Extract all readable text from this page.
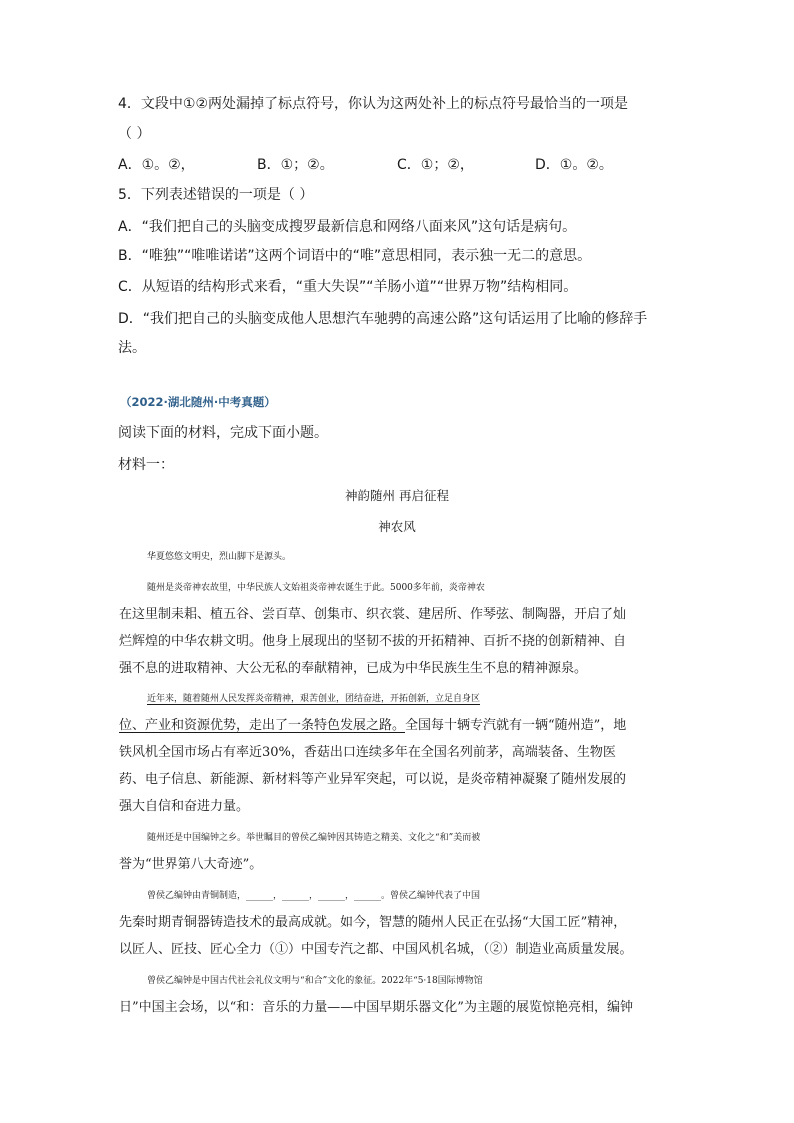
4．文段中①②两处漏掉了标点符号，你认为这两处补上的标点符号最恰当的一项是
（ ）
A．①。②，	B．①；②。	C．①；②，	D．①。②。
5．下列表述错误的一项是（ ）
A．“我们把自己的头脑变成搜罗最新信息和网络八面来风”这句话是病句。
B．“唯独”“唯唯诺诺”这两个词语中的“唯”意思相同，表示独一无二的意思。
C．从短语的结构形式来看，“重大失误”“羊肠小道”“世界万物”结构相同。
D．“我们把自己的头脑变成他人思想汽车驰骋的高速公路”这句话运用了比喻的修辞手
法。
（2022·湖北随州·中考真题）
阅读下面的材料，完成下面小题。
材料一：
神韵随州 再启征程
神农风
华夏悠悠文明史，烈山脚下是源头。
随州是炎帝神农故里，中华民族人文始祖炎帝神农诞生于此。5000多年前，炎帝神农
在这里制耒耜、植五谷、尝百草、创集市、织衣裳、建居所、作琴弦、制陶器，开启了灿
烂辉煌的中华农耕文明。他身上展现出的坚韧不拔的开拓精神、百折不挠的创新精神、自
强不息的进取精神、大公无私的奉献精神，已成为中华民族生生不息的精神源泉。
近年来，随着随州人民发挥炎帝精神，艰苦创业，团结奋进，开拓创新，立足自身区
位、产业和资源优势，走出了一条特色发展之路。全国每十辆专汽就有一辆“随州造”，地
铁风机全国市场占有率近30%，香菇出口连续多年在全国名列前茅，高端装备、生物医
药、电子信息、新能源、新材料等产业异军突起，可以说，是炎帝精神凝聚了随州发展的
强大自信和奋进力量。
随州还是中国编钟之乡。举世瞩目的曾侯乙编钟因其铸造之精美、文化之“和”美而被
誉为“世界第八大奇迹”。
曾侯乙编钟由青铜制造，______，______，______，______。曾侯乙编钟代表了中国
先秦时期青铜器铸造技术的最高成就。如今，智慧的随州人民正在弘扬“大国工匠”精神，
以匠人、匠技、匠心全力（①）中国专汽之都、中国风机名城，（②）制造业高质量发展。
曾侯乙编钟是中国古代社会礼仪文明与“和合”文化的象征。2022年“5·18国际博物馆
日”中国主会场，以“和：音乐的力量——中国早期乐器文化”为主题的展览惊艳亮相，编钟
